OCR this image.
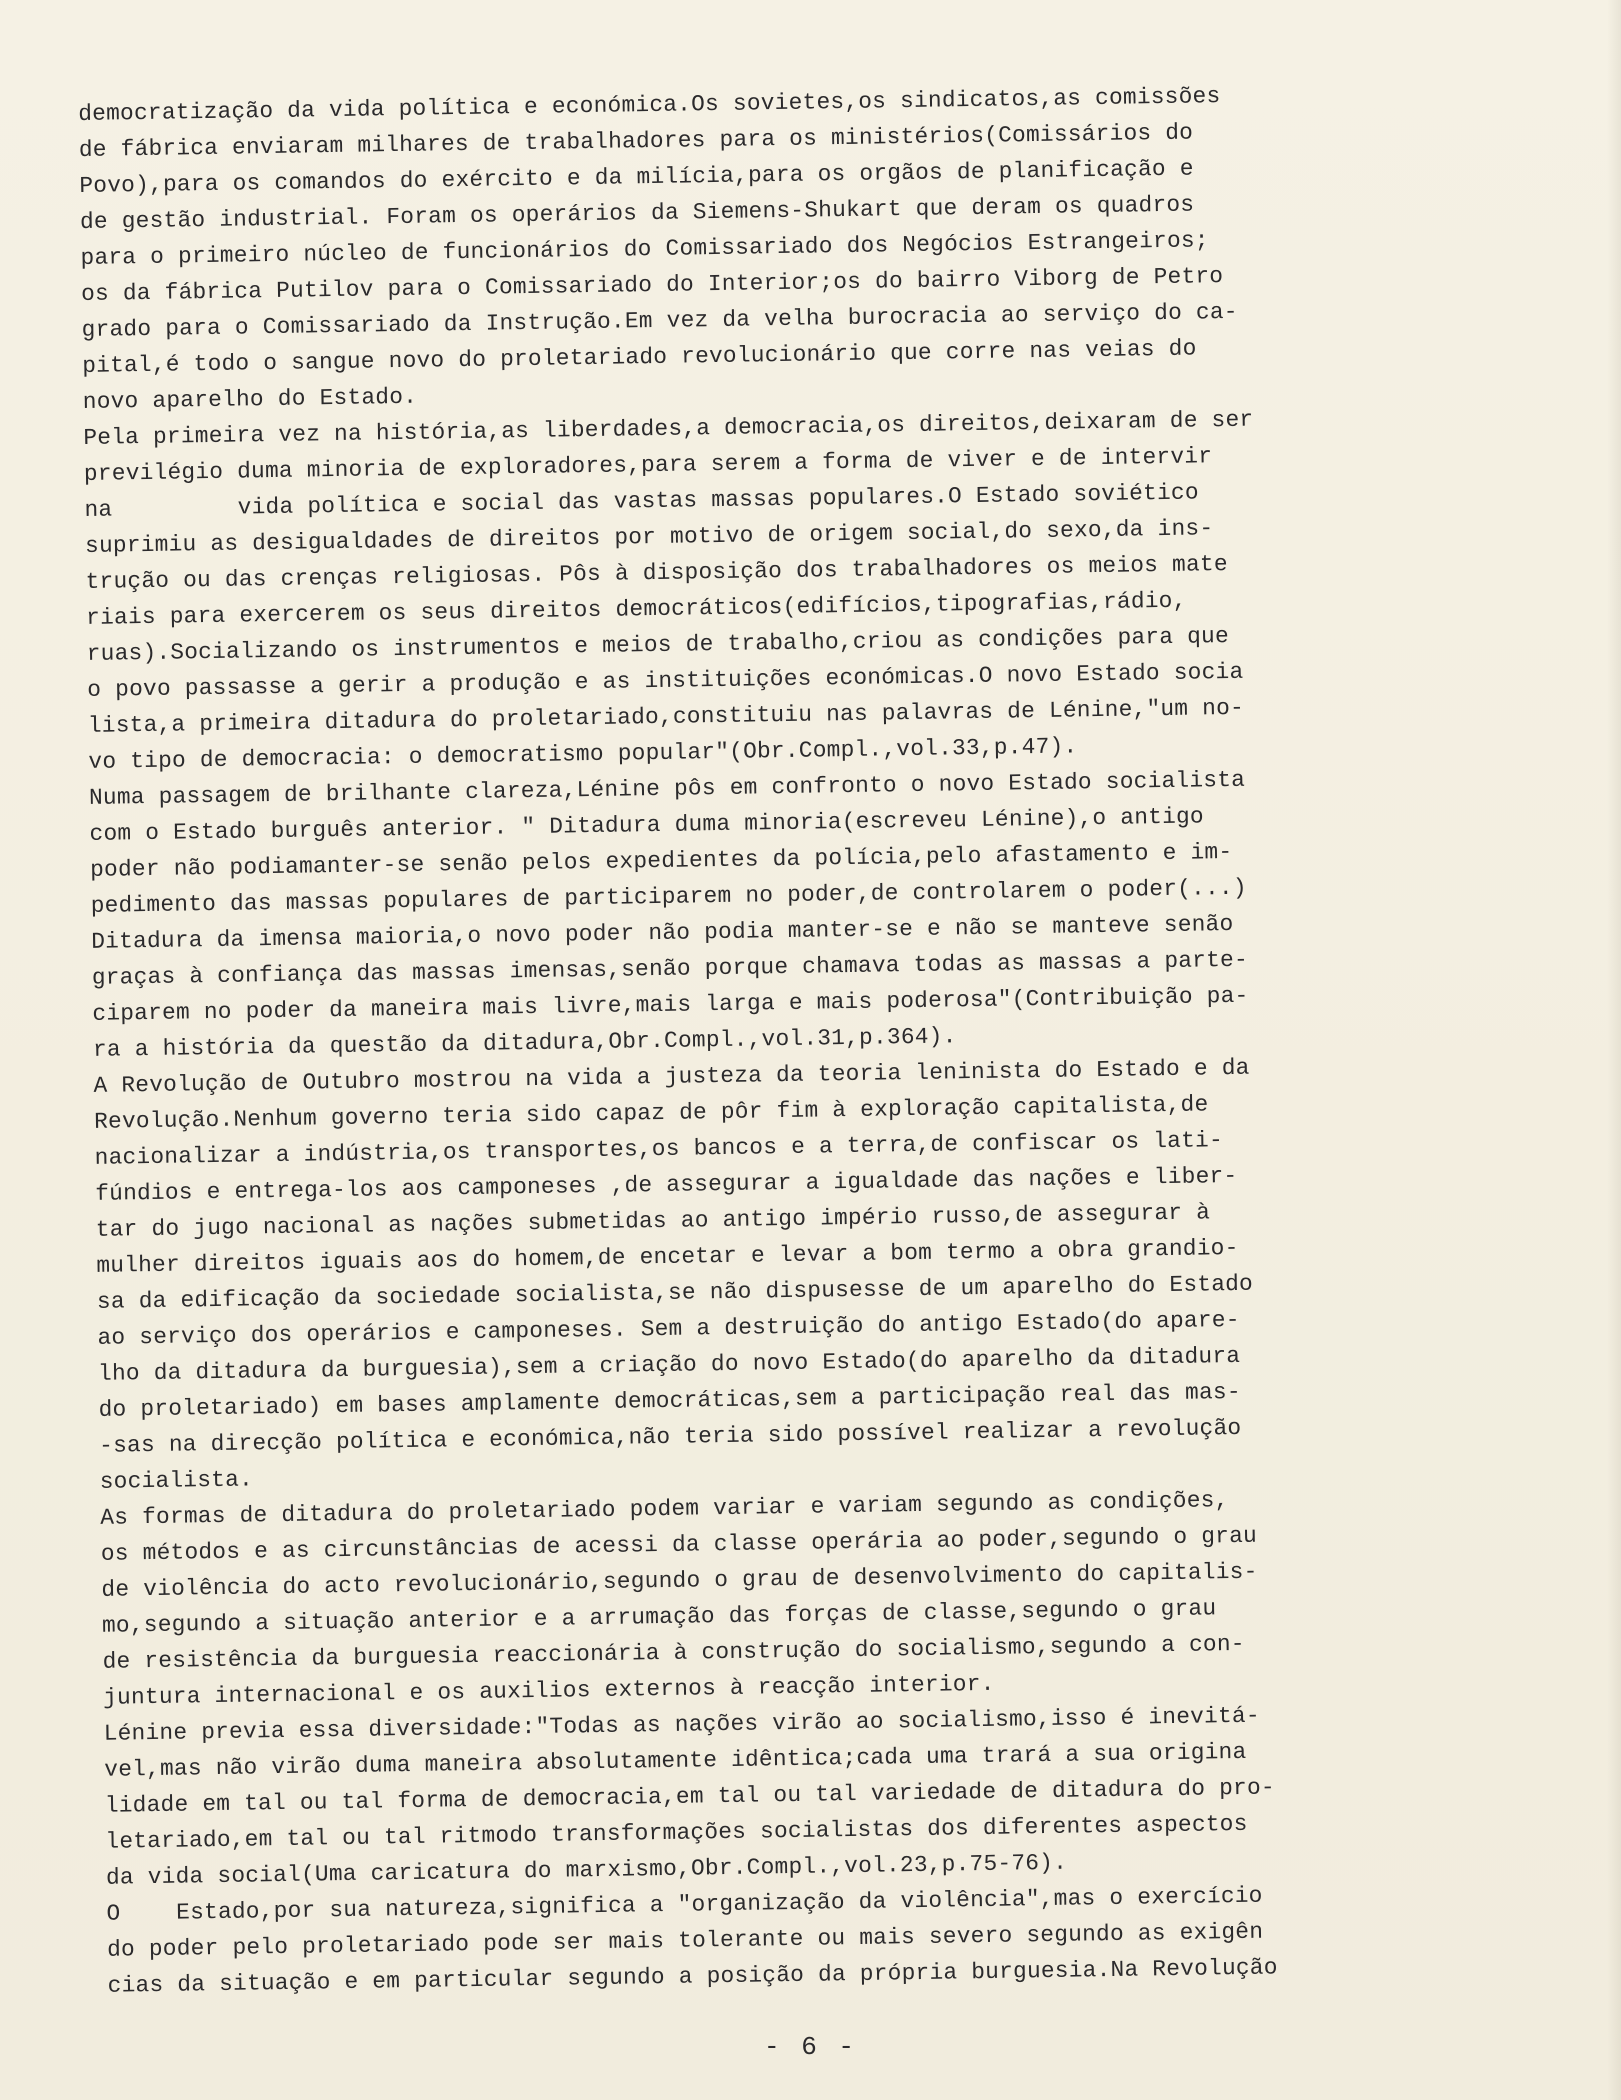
democratização da vida política e económica.Os sovietes,os sindicatos,as comissões
de fábrica enviaram milhares de trabalhadores para os ministérios(Comissários do
Povo),para os comandos do exército e da milícia,para os orgãos de planificação e
de gestão industrial. Foram os operários da Siemens-Shukart que deram os quadros
para o primeiro núcleo de funcionários do Comissariado dos Negócios Estrangeiros;
os da fábrica Putilov para o Comissariado do Interior;os do bairro Viborg de Petro
grado para o Comissariado da Instrução.Em vez da velha burocracia ao serviço do ca-
pital,é todo o sangue novo do proletariado revolucionário que corre nas veias do
novo aparelho do Estado.
Pela primeira vez na história,as liberdades,a democracia,os direitos,deixaram de ser
previlégio duma minoria de exploradores,para serem a forma de viver e de intervir
na         vida política e social das vastas massas populares.O Estado soviético
suprimiu as desigualdades de direitos por motivo de origem social,do sexo,da ins-
trução ou das crenças religiosas. Pôs à disposição dos trabalhadores os meios mate
riais para exercerem os seus direitos democráticos(edifícios,tipografias,rádio,
ruas).Socializando os instrumentos e meios de trabalho,criou as condições para que
o povo passasse a gerir a produção e as instituições económicas.O novo Estado socia
lista,a primeira ditadura do proletariado,constituiu nas palavras de Lénine,"um no-
vo tipo de democracia: o democratismo popular"(Obr.Compl.,vol.33,p.47).
Numa passagem de brilhante clareza,Lénine pôs em confronto o novo Estado socialista
com o Estado burguês anterior. " Ditadura duma minoria(escreveu Lénine),o antigo
poder não podiamanter-se senão pelos expedientes da polícia,pelo afastamento e im-
pedimento das massas populares de participarem no poder,de controlarem o poder(...)
Ditadura da imensa maioria,o novo poder não podia manter-se e não se manteve senão
graças à confiança das massas imensas,senão porque chamava todas as massas a parte-
ciparem no poder da maneira mais livre,mais larga e mais poderosa"(Contribuição pa-
ra a história da questão da ditadura,Obr.Compl.,vol.31,p.364).
A Revolução de Outubro mostrou na vida a justeza da teoria leninista do Estado e da
Revolução.Nenhum governo teria sido capaz de pôr fim à exploração capitalista,de
nacionalizar a indústria,os transportes,os bancos e a terra,de confiscar os lati-
fúndios e entrega-los aos camponeses ,de assegurar a igualdade das nações e liber-
tar do jugo nacional as nações submetidas ao antigo império russo,de assegurar à
mulher direitos iguais aos do homem,de encetar e levar a bom termo a obra grandio-
sa da edificação da sociedade socialista,se não dispusesse de um aparelho do Estado
ao serviço dos operários e camponeses. Sem a destruição do antigo Estado(do apare-
lho da ditadura da burguesia),sem a criação do novo Estado(do aparelho da ditadura
do proletariado) em bases amplamente democráticas,sem a participação real das mas-
-sas na direcção política e económica,não teria sido possível realizar a revolução
socialista.
As formas de ditadura do proletariado podem variar e variam segundo as condições,
os métodos e as circunstâncias de acessi da classe operária ao poder,segundo o grau
de violência do acto revolucionário,segundo o grau de desenvolvimento do capitalis-
mo,segundo a situação anterior e a arrumação das forças de classe,segundo o grau
de resistência da burguesia reaccionária à construção do socialismo,segundo a con-
juntura internacional e os auxilios externos à reacção interior.
Lénine previa essa diversidade:"Todas as nações virão ao socialismo,isso é inevitá-
vel,mas não virão duma maneira absolutamente idêntica;cada uma trará a sua origina
lidade em tal ou tal forma de democracia,em tal ou tal variedade de ditadura do pro-
letariado,em tal ou tal ritmodo transformações socialistas dos diferentes aspectos
da vida social(Uma caricatura do marxismo,Obr.Compl.,vol.23,p.75-76).
O    Estado,por sua natureza,significa a "organização da violência",mas o exercício
do poder pelo proletariado pode ser mais tolerante ou mais severo segundo as exigên
cias da situação e em particular segundo a posição da própria burguesia.Na Revolução
- 6 -
